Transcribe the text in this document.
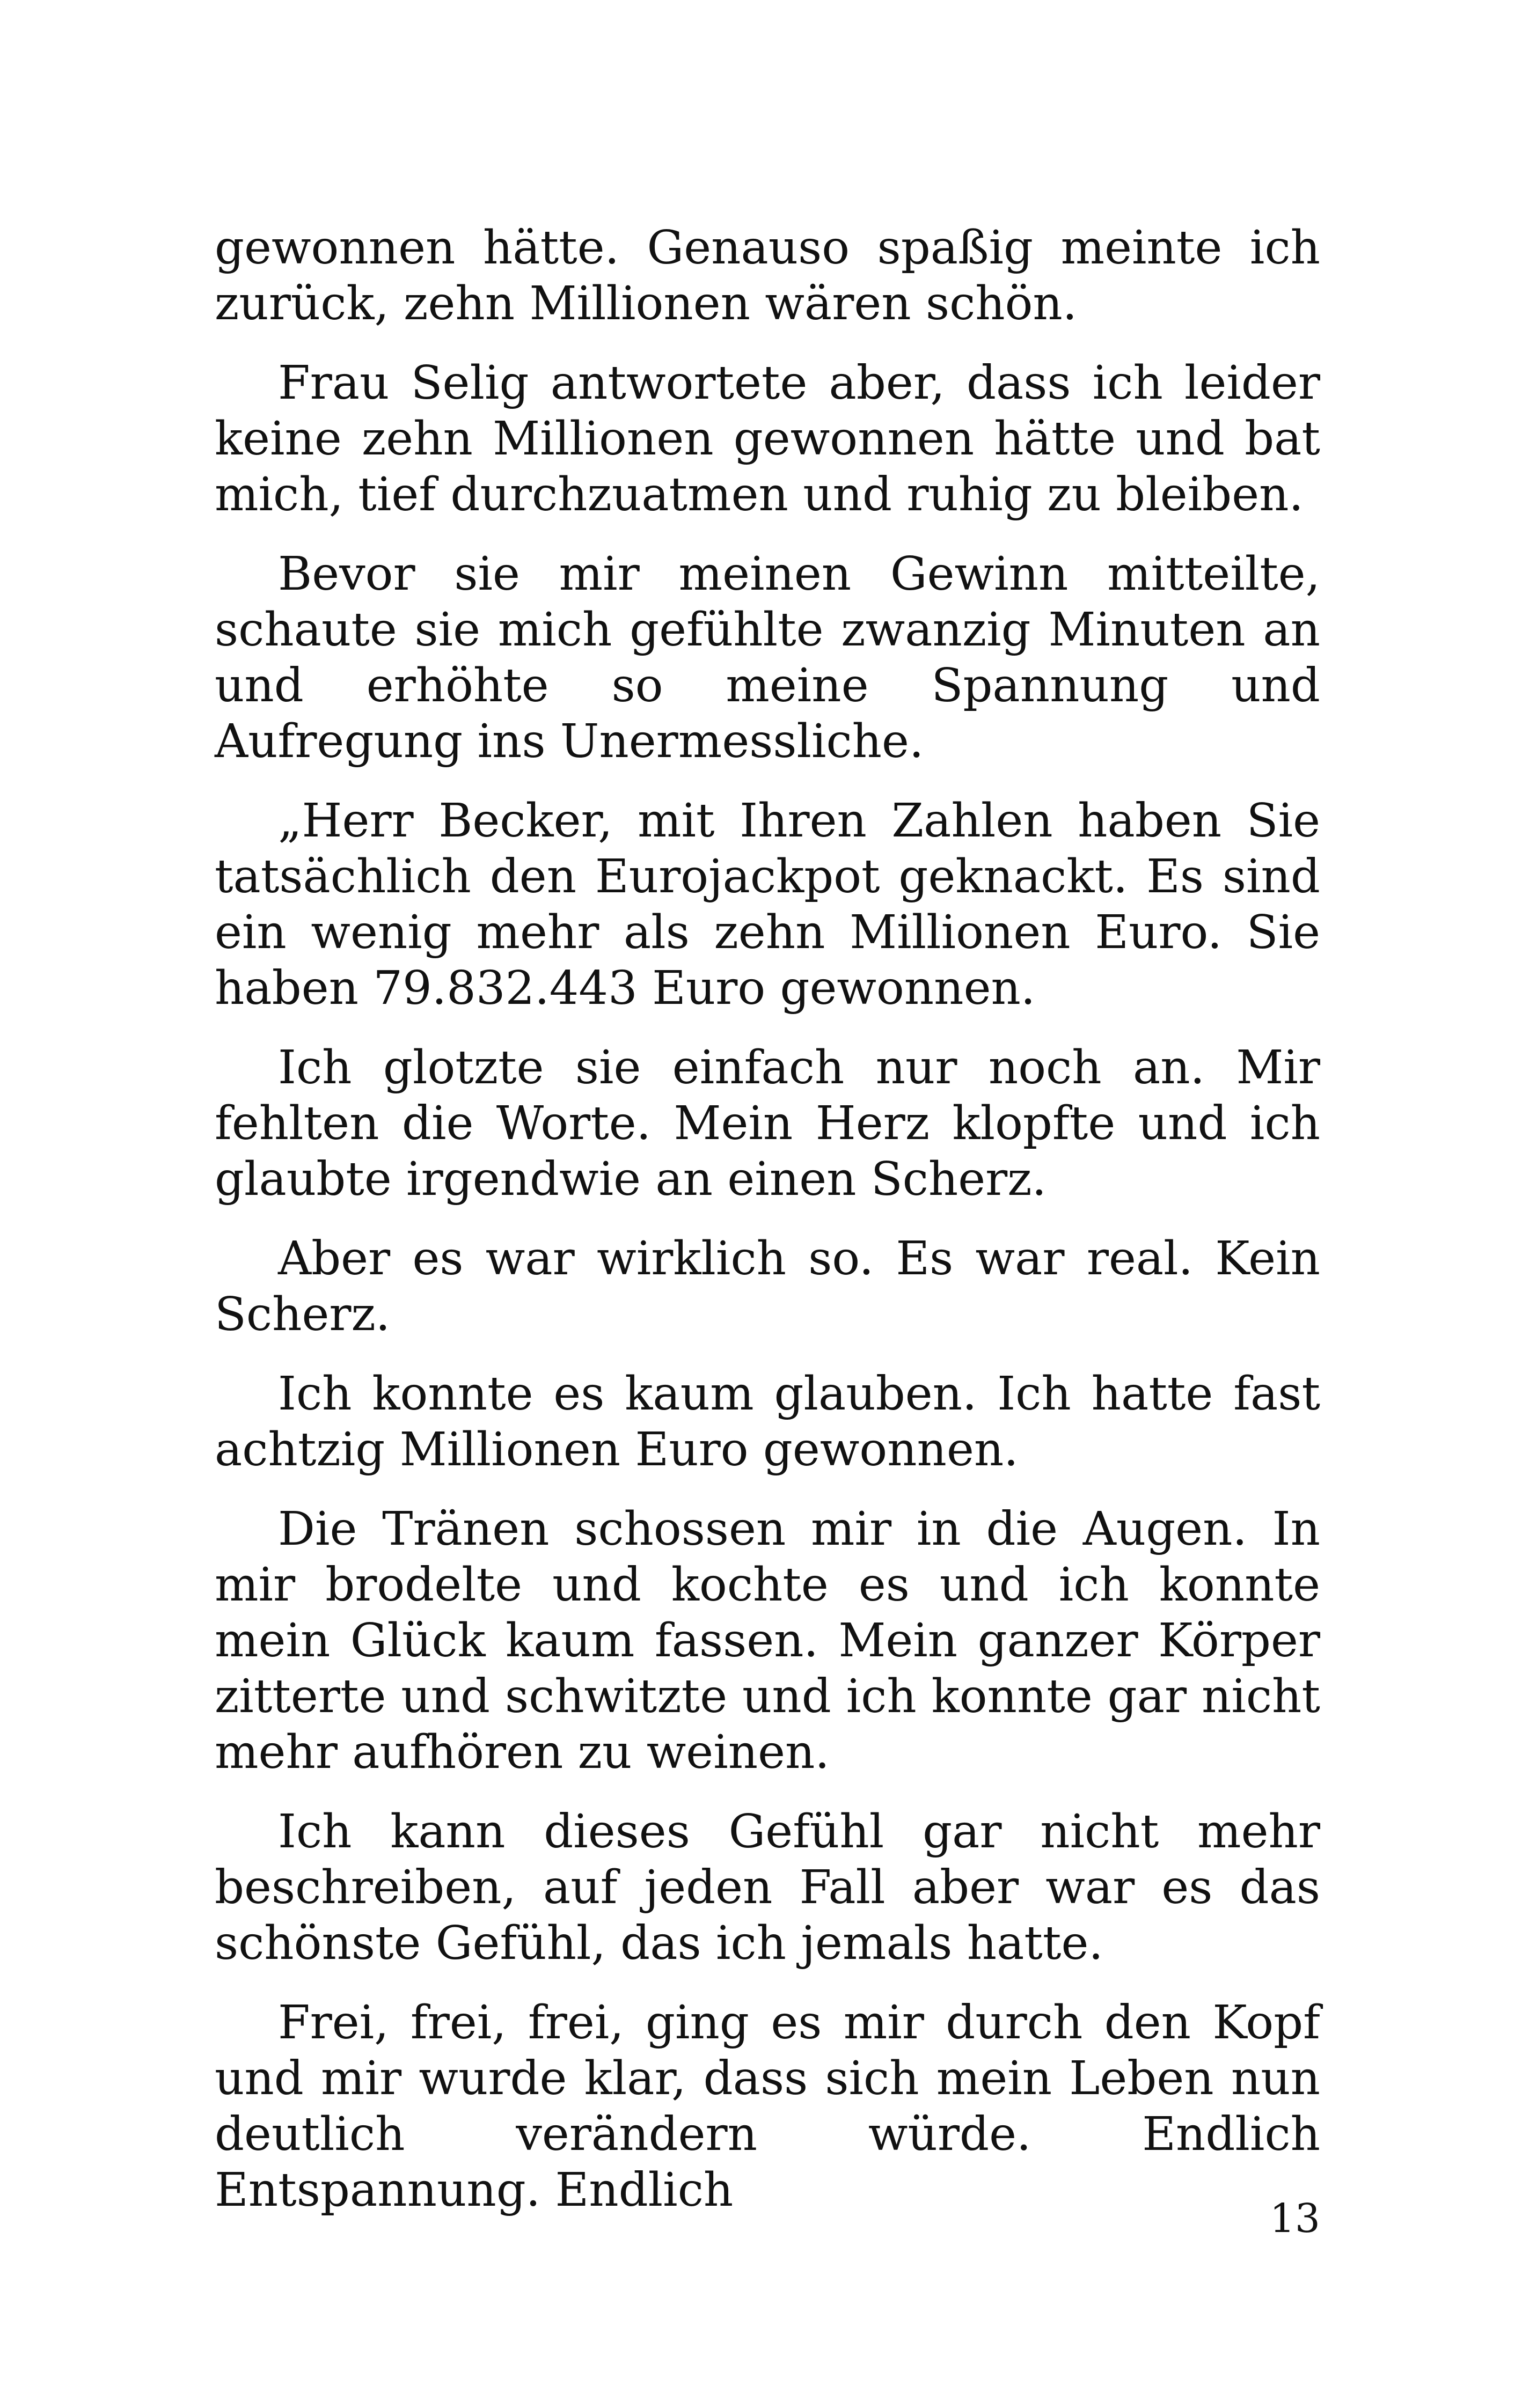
gewonnen hätte. Genauso spaßig meinte ich zurück, zehn Millionen wären schön.

Frau Selig antwortete aber, dass ich leider keine zehn Millionen gewonnen hätte und bat mich, tief durchzuatmen und ruhig zu bleiben.

Bevor sie mir meinen Gewinn mitteilte, schaute sie mich gefühlte zwanzig Minuten an und erhöhte so meine Spannung und Aufregung ins Unermessliche.

„Herr Becker, mit Ihren Zahlen haben Sie tatsächlich den Eurojackpot geknackt. Es sind ein wenig mehr als zehn Millionen Euro. Sie haben 79.832.443 Euro gewonnen.

Ich glotzte sie einfach nur noch an. Mir fehlten die Worte. Mein Herz klopfte und ich glaubte irgendwie an einen Scherz.

Aber es war wirklich so. Es war real. Kein Scherz.

Ich konnte es kaum glauben. Ich hatte fast achtzig Millionen Euro gewonnen.

Die Tränen schossen mir in die Augen. In mir brodelte und kochte es und ich konnte mein Glück kaum fassen. Mein ganzer Körper zitterte und schwitzte und ich konnte gar nicht mehr aufhören zu weinen.

Ich kann dieses Gefühl gar nicht mehr beschreiben, auf jeden Fall aber war es das schönste Gefühl, das ich jemals hatte.

Frei, frei, frei, ging es mir durch den Kopf und mir wurde klar, dass sich mein Leben nun deutlich verändern würde. Endlich Entspannung. Endlich

13
